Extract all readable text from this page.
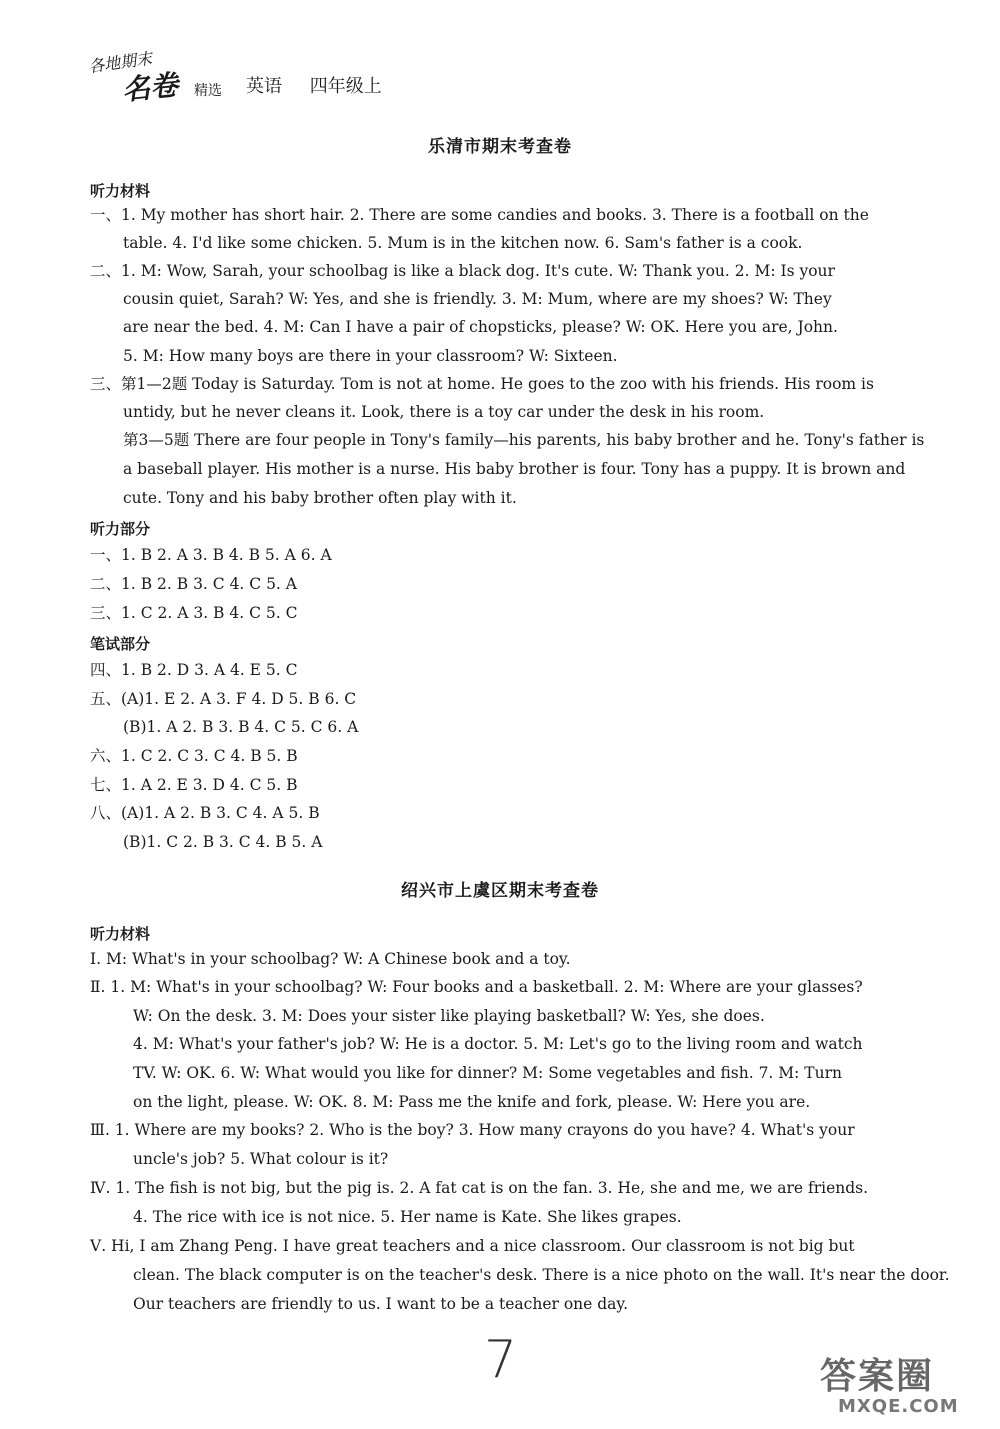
各地期末
名卷 精选 英语 四年级上
乐清市期末考查卷
听力材料
一、1. My mother has short hair. 2. There are some candies and books. 3. There is a football on the
table. 4. I'd like some chicken. 5. Mum is in the kitchen now. 6. Sam's father is a cook.
二、1. M: Wow, Sarah, your schoolbag is like a black dog. It's cute. W: Thank you. 2. M: Is your
cousin quiet, Sarah? W: Yes, and she is friendly. 3. M: Mum, where are my shoes? W: They
are near the bed. 4. M: Can I have a pair of chopsticks, please? W: OK. Here you are, John.
5. M: How many boys are there in your classroom? W: Sixteen.
三、第1—2题 Today is Saturday. Tom is not at home. He goes to the zoo with his friends. His room is
untidy, but he never cleans it. Look, there is a toy car under the desk in his room.
第3—5题 There are four people in Tony's family—his parents, his baby brother and he. Tony's father is
a baseball player. His mother is a nurse. His baby brother is four. Tony has a puppy. It is brown and
cute. Tony and his baby brother often play with it.
听力部分
一、1. B 2. A 3. B 4. B 5. A 6. A
二、1. B 2. B 3. C 4. C 5. A
三、1. C 2. A 3. B 4. C 5. C
笔试部分
四、1. B 2. D 3. A 4. E 5. C
五、(A)1. E 2. A 3. F 4. D 5. B 6. C
(B)1. A 2. B 3. B 4. C 5. C 6. A
六、1. C 2. C 3. C 4. B 5. B
七、1. A 2. E 3. D 4. C 5. B
八、(A)1. A 2. B 3. C 4. A 5. B
(B)1. C 2. B 3. C 4. B 5. A
绍兴市上虞区期末考查卷
听力材料
Ⅰ. M: What's in your schoolbag? W: A Chinese book and a toy.
Ⅱ. 1. M: What's in your schoolbag? W: Four books and a basketball. 2. M: Where are your glasses?
W: On the desk. 3. M: Does your sister like playing basketball? W: Yes, she does.
4. M: What's your father's job? W: He is a doctor. 5. M: Let's go to the living room and watch
TV. W: OK. 6. W: What would you like for dinner? M: Some vegetables and fish. 7. M: Turn
on the light, please. W: OK. 8. M: Pass me the knife and fork, please. W: Here you are.
Ⅲ. 1. Where are my books? 2. Who is the boy? 3. How many crayons do you have? 4. What's your
uncle's job? 5. What colour is it?
Ⅳ. 1. The fish is not big, but the pig is. 2. A fat cat is on the fan. 3. He, she and me, we are friends.
4. The rice with ice is not nice. 5. Her name is Kate. She likes grapes.
Ⅴ. Hi, I am Zhang Peng. I have great teachers and a nice classroom. Our classroom is not big but
clean. The black computer is on the teacher's desk. There is a nice photo on the wall. It's near the door.
Our teachers are friendly to us. I want to be a teacher one day.
7	答案圈
MXQE.COM
